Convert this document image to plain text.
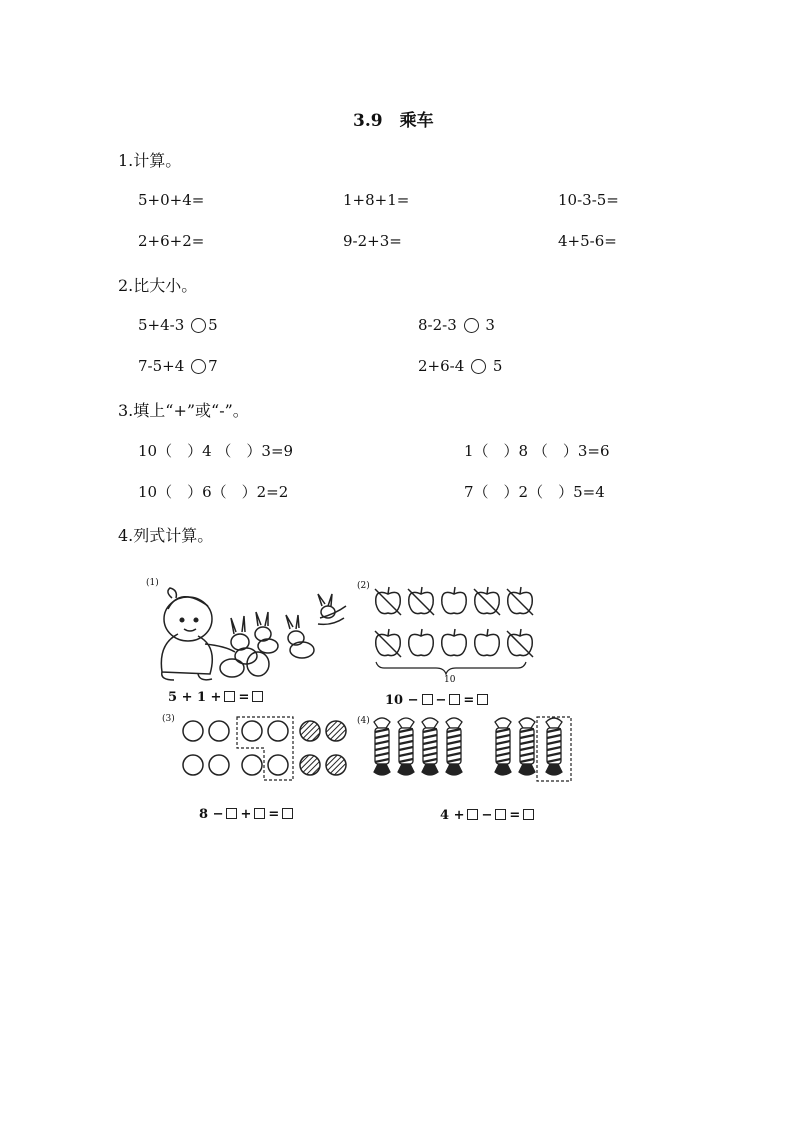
3.9　乘车
1.计算。
5+0+4=	1+8+1=	10-3-5=
2+6+2=	9-2+3=	4+5-6=
2.比大小。
5+4-3 5	8-2-3 3
7-5+4 7	2+6-4 5
3.填上“+”或“-”。
10（　）4 （　）3=9	1（　）8 （　）3=6
10（　）6（　）2=2	7（　）2（　）5=4
4.列式计算。
(1)
5 + 1 + =
(2)
10
10 − − =
(3)
8 − + =
(4)
4 + − =
